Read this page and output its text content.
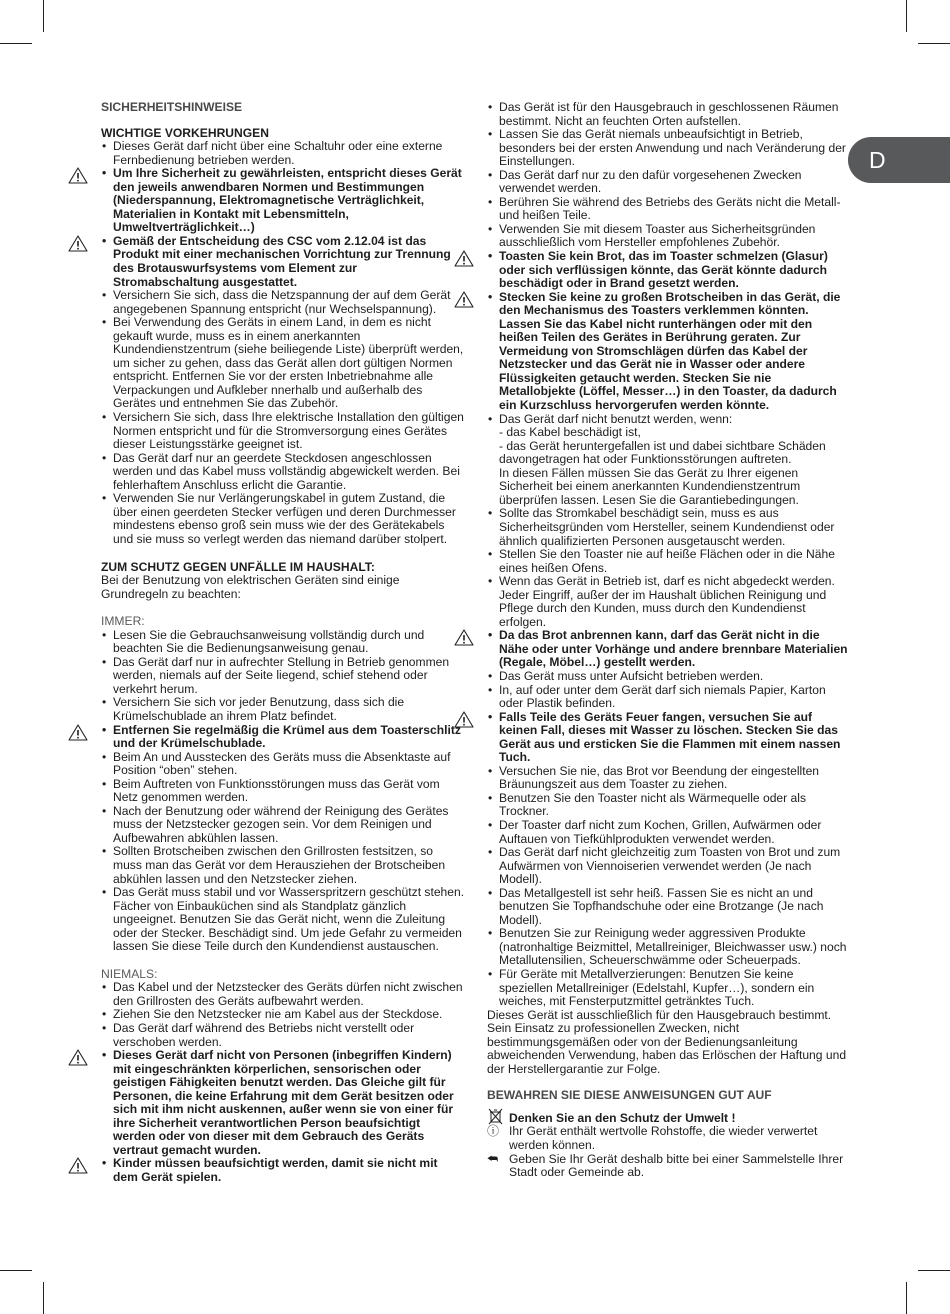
D

SICHERHEITSHINWEISE

WICHTIGE VORKEHRUNGEN

• Dieses Gerät darf nicht über eine Schaltuhr oder eine externe Fernbedienung betrieben werden.
• Um Ihre Sicherheit zu gewährleisten, entspricht dieses Gerät den jeweils anwendbaren Normen und Bestimmungen (Niederspannung, Elektromagnetische Verträglichkeit, Materialien in Kontakt mit Lebensmitteln, Umweltverträglichkeit…)
• Gemäß der Entscheidung des CSC vom 2.12.04 ist das Produkt mit einer mechanischen Vorrichtung zur Trennung des Brotauswurfsystems vom Element zur Stromabschaltung ausgestattet.
• Versichern Sie sich, dass die Netzspannung der auf dem Gerät angegebenen Spannung entspricht (nur Wechselspannung).
• Bei Verwendung des Geräts in einem Land, in dem es nicht gekauft wurde, muss es in einem anerkannten Kundendienstzentrum (siehe beiliegende Liste) überprüft werden, um sicher zu gehen, dass das Gerät allen dort gültigen Normen entspricht. Entfernen Sie vor der ersten Inbetriebnahme alle Verpackungen und Aufkleber nnerhalb und außerhalb des Gerätes und entnehmen Sie das Zubehör.
• Versichern Sie sich, dass Ihre elektrische Installation den gültigen Normen entspricht und für die Stromversorgung eines Gerätes dieser Leistungsstärke geeignet ist.
• Das Gerät darf nur an geerdete Steckdosen angeschlossen werden und das Kabel muss vollständig abgewickelt werden. Bei fehlerhaftem Anschluss erlicht die Garantie.
• Verwenden Sie nur Verlängerungskabel in gutem Zustand, die über einen geerdeten Stecker verfügen und deren Durchmesser mindestens ebenso groß sein muss wie der des Gerätekabels und sie muss so verlegt werden das niemand darüber stolpert.

ZUM SCHUTZ GEGEN UNFÄLLE IM HAUSHALT:

Bei der Benutzung von elektrischen Geräten sind einige Grundregeln zu beachten:

IMMER:

• Lesen Sie die Gebrauchsanweisung vollständig durch und beachten Sie die Bedienungsanweisung genau.
• Das Gerät darf nur in aufrechter Stellung in Betrieb genommen werden, niemals auf der Seite liegend, schief stehend oder verkehrt herum.
• Versichern Sie sich vor jeder Benutzung, dass sich die Krümelschublade an ihrem Platz befindet.
• Entfernen Sie regelmäßig die Krümel aus dem Toasterschlitz und der Krümelschublade.
• Beim An und Ausstecken des Geräts muss die Absenktaste auf Position “oben” stehen.
• Beim Auftreten von Funktionsstörungen muss das Gerät vom Netz genommen werden.
• Nach der Benutzung oder während der Reinigung des Gerätes muss der Netzstecker gezogen sein. Vor dem Reinigen und Aufbewahren abkühlen lassen.
• Sollten Brotscheiben zwischen den Grillrosten festsitzen, so muss man das Gerät vor dem Herausziehen der Brotscheiben abkühlen lassen und den Netzstecker ziehen.
• Das Gerät muss stabil und vor Wasserspritzern geschützt stehen. Fächer von Einbauküchen sind als Standplatz gänzlich ungeeignet. Benutzen Sie das Gerät nicht, wenn die Zuleitung oder der Stecker. Beschädigt sind. Um jede Gefahr zu vermeiden lassen Sie diese Teile durch den Kundendienst austauschen.

NIEMALS:

• Das Kabel und der Netzstecker des Geräts dürfen nicht zwischen den Grillrosten des Geräts aufbewahrt werden.
• Ziehen Sie den Netzstecker nie am Kabel aus der Steckdose.
• Das Gerät darf während des Betriebs nicht verstellt oder verschoben werden.
• Dieses Gerät darf nicht von Personen (inbegriffen Kindern) mit eingeschränkten körperlichen, sensorischen oder geistigen Fähigkeiten benutzt werden. Das Gleiche gilt für Personen, die keine Erfahrung mit dem Gerät besitzen oder sich mit ihm nicht auskennen, außer wenn sie von einer für ihre Sicherheit verantwortlichen Person beaufsichtigt werden oder von dieser mit dem Gebrauch des Geräts vertraut gemacht wurden.
• Kinder müssen beaufsichtigt werden, damit sie nicht mit dem Gerät spielen.
• Das Gerät ist für den Hausgebrauch in geschlossenen Räumen bestimmt. Nicht an feuchten Orten aufstellen.
• Lassen Sie das Gerät niemals unbeaufsichtigt in Betrieb, besonders bei der ersten Anwendung und nach Veränderung der Einstellungen.
• Das Gerät darf nur zu den dafür vorgesehenen Zwecken verwendet werden.
• Berühren Sie während des Betriebs des Geräts nicht die Metall- und heißen Teile.
• Verwenden Sie mit diesem Toaster aus Sicherheitsgründen ausschließlich vom Hersteller empfohlenes Zubehör.
• Toasten Sie kein Brot, das im Toaster schmelzen (Glasur) oder sich verflüssigen könnte, das Gerät könnte dadurch beschädigt oder in Brand gesetzt werden.
• Stecken Sie keine zu großen Brotscheiben in das Gerät, die den Mechanismus des Toasters verklemmen könnten. Lassen Sie das Kabel nicht runterhängen oder mit den heißen Teilen des Gerätes in Berührung geraten. Zur Vermeidung von Stromschlägen dürfen das Kabel der Netzstecker und das Gerät nie in Wasser oder andere Flüssigkeiten getaucht werden. Stecken Sie nie Metallobjekte (Löffel, Messer…) in den Toaster, da dadurch ein Kurzschluss hervorgerufen werden könnte.
• Das Gerät darf nicht benutzt werden, wenn:
- das Kabel beschädigt ist,
- das Gerät heruntergefallen ist und dabei sichtbare Schäden davongetragen hat oder Funktionsstörungen auftreten.
In diesen Fällen müssen Sie das Gerät zu Ihrer eigenen Sicherheit bei einem anerkannten Kundendienstzentrum überprüfen lassen. Lesen Sie die Garantiebedingungen.
• Sollte das Stromkabel beschädigt sein, muss es aus Sicherheitsgründen vom Hersteller, seinem Kundendienst oder ähnlich qualifizierten Personen ausgetauscht werden.
• Stellen Sie den Toaster nie auf heiße Flächen oder in die Nähe eines heißen Ofens.
• Wenn das Gerät in Betrieb ist, darf es nicht abgedeckt werden. Jeder Eingriff, außer der im Haushalt üblichen Reinigung und Pflege durch den Kunden, muss durch den Kundendienst erfolgen.
• Da das Brot anbrennen kann, darf das Gerät nicht in die Nähe oder unter Vorhänge und andere brennbare Materialien (Regale, Möbel…) gestellt werden.
• Das Gerät muss unter Aufsicht betrieben werden.
• In, auf oder unter dem Gerät darf sich niemals Papier, Karton oder Plastik befinden.
• Falls Teile des Geräts Feuer fangen, versuchen Sie auf keinen Fall, dieses mit Wasser zu löschen. Stecken Sie das Gerät aus und ersticken Sie die Flammen mit einem nassen Tuch.
• Versuchen Sie nie, das Brot vor Beendung der eingestellten Bräunungszeit aus dem Toaster zu ziehen.
• Benutzen Sie den Toaster nicht als Wärmequelle oder als Trockner.
• Der Toaster darf nicht zum Kochen, Grillen, Aufwärmen oder Auftauen von Tiefkühlprodukten verwendet werden.
• Das Gerät darf nicht gleichzeitig zum Toasten von Brot und zum Aufwärmen von Viennoiserien verwendet werden (Je nach Modell).
• Das Metallgestell ist sehr heiß. Fassen Sie es nicht an und benutzen Sie Topfhandschuhe oder eine Brotzange (Je nach Modell).
• Benutzen Sie zur Reinigung weder aggressiven Produkte (natronhaltige Beizmittel, Metallreiniger, Bleichwasser usw.) noch Metallutensilien, Scheuerschwämme oder Scheuerpads.
• Für Geräte mit Metallverzierungen: Benutzen Sie keine speziellen Metallreiniger (Edelstahl, Kupfer…), sondern ein weiches, mit Fensterputzmittel getränktes Tuch.

Dieses Gerät ist ausschließlich für den Hausgebrauch bestimmt. Sein Einsatz zu professionellen Zwecken, nicht bestimmungsgemäßen oder von der Bedienungsanleitung abweichenden Verwendung, haben das Erlöschen der Haftung und der Herstellergarantie zur Folge.

BEWAHREN SIE DIESE ANWEISUNGEN GUT AUF

Denken Sie an den Schutz der Umwelt !

ⓘ Ihr Gerät enthält wertvolle Rohstoffe, die wieder verwertet werden können.

⮪ Geben Sie Ihr Gerät deshalb bitte bei einer Sammelstelle Ihrer Stadt oder Gemeinde ab.
